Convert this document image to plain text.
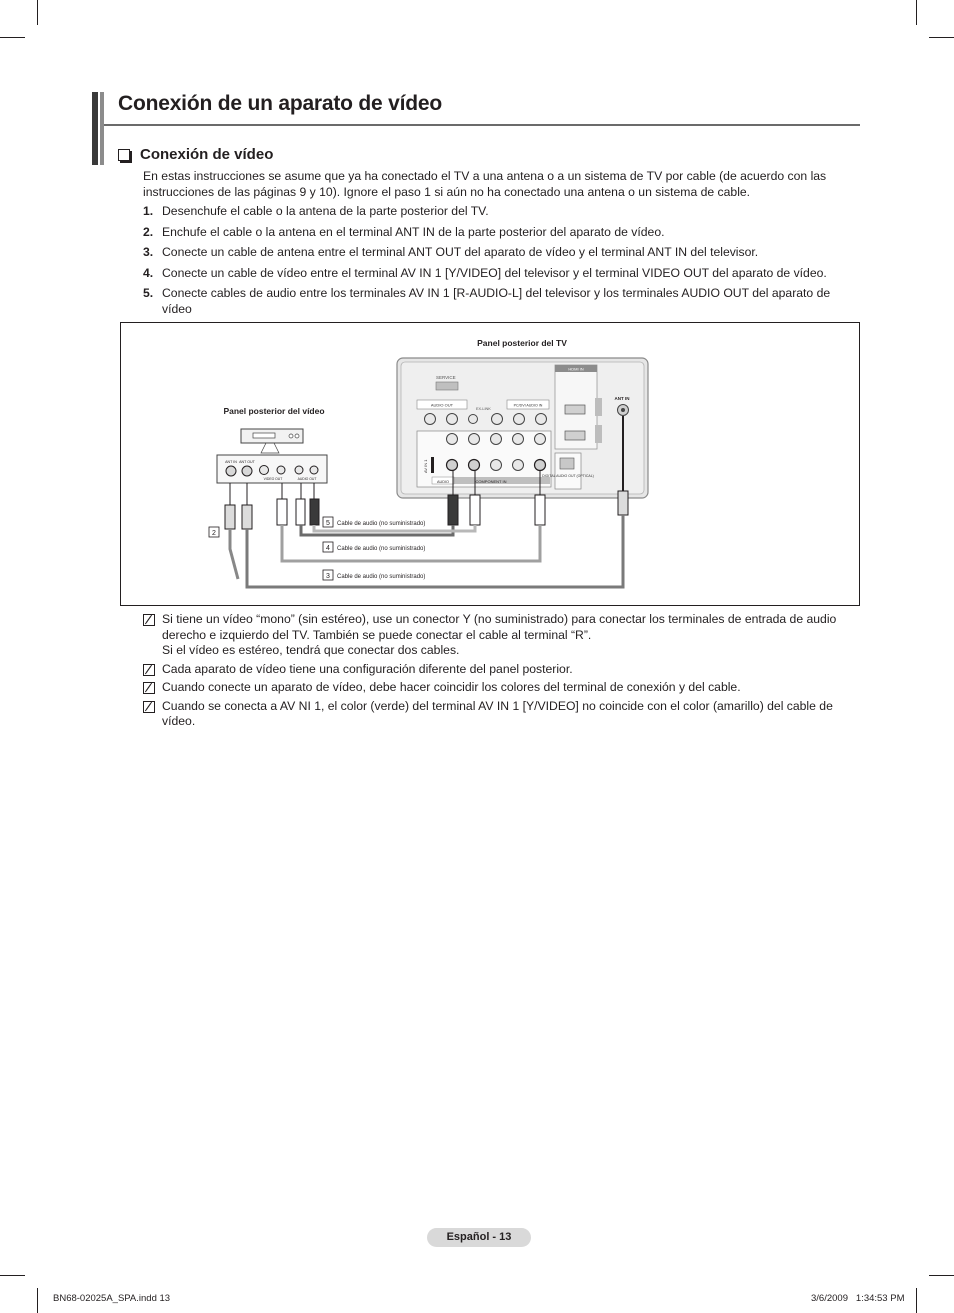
Conexión de un aparato de vídeo
Conexión de vídeo
En estas instrucciones se asume que ya ha conectado el TV a una antena o a un sistema de TV por cable (de acuerdo con las instrucciones de las páginas 9 y 10). Ignore el paso 1 si aún no ha conectado una antena o un sistema de cable.
1. Desenchufe el cable o la antena de la parte posterior del TV.
2. Enchufe el cable o la antena en el terminal ANT IN de la parte posterior del aparato de vídeo.
3. Conecte un cable de antena entre el terminal ANT OUT del aparato de vídeo y el terminal ANT IN del televisor.
4. Conecte un cable de vídeo entre el terminal AV IN 1 [Y/VIDEO] del televisor y el terminal VIDEO OUT del aparato de vídeo.
5. Conecte cables de audio entre los terminales AV IN 1 [R-AUDIO-L] del televisor y los terminales AUDIO OUT del aparato de vídeo
Panel posterior del TV
SERVICE
HDMI IN
ANT IN
AUDIO OUT
EX-LINK
PC/DVI AUDIO IN
COMPONENT IN
AUDIO
AV IN 1
DIGITAL AUDIO OUT (OPTICAL)
Panel posterior del vídeo
ANT IN ANT OUT
VIDEO OUT	AUDIO OUT
5 Cable de audio (no suministrado)
4 Cable de audio (no suministrado)
3 Cable de audio (no suministrado)
2
Si tiene un vídeo “mono” (sin estéreo), use un conector Y (no suministrado) para conectar los terminales de entrada de audio derecho e izquierdo del TV. También se puede conectar el cable al terminal “R”.
Si el vídeo es estéreo, tendrá que conectar dos cables.
Cada aparato de vídeo tiene una configuración diferente del panel posterior.
Cuando conecte un aparato de vídeo, debe hacer coincidir los colores del terminal de conexión y del cable.
Cuando se conecta a AV NI 1, el color (verde) del terminal AV IN 1 [Y/VIDEO] no coincide con el color (amarillo) del cable de vídeo.
Español - 13
BN68-02025A_SPA.indd 13	3/6/2009   1:34:53 PM
